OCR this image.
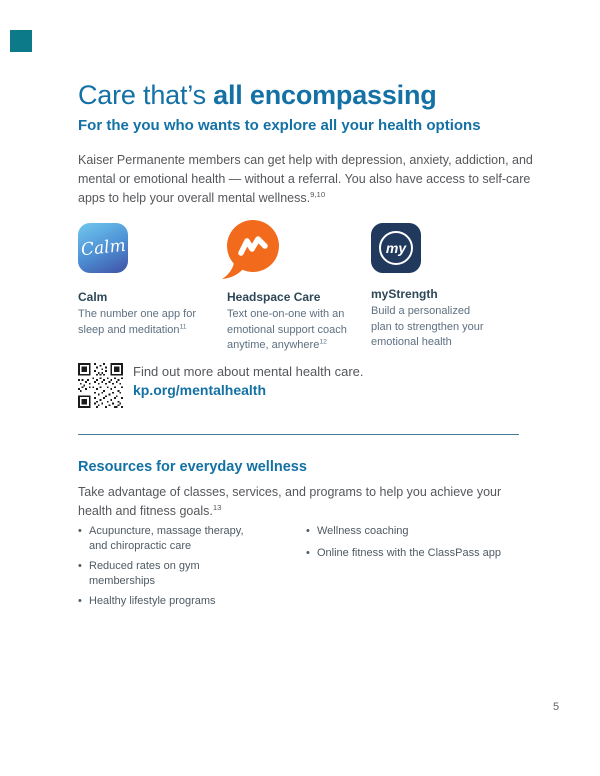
Care that’s all encompassing
For the you who wants to explore all your health options

Kaiser Permanente members can get help with depression, anxiety, addiction, and mental or emotional health — without a referral. You also have access to self-care apps to help your overall mental wellness.$^{9,10}$

Calm	my
Calm	Headspace Care	myStrength

The number one app for sleep and meditation$^{11}$

Text one-on-one with an emotional support coach anytime, anywhere$^{12}$

Build a personalized plan to strengthen your emotional health

Find out more about mental health care.
kp.org/mentalhealth
Resources for everyday wellness

Take advantage of classes, services, and programs to help you achieve your health and fitness goals.$^{13}$

• Acupuncture, massage therapy, and chiropractic care
• Reduced rates on gym memberships
• Healthy lifestyle programs
• Wellness coaching
• Online fitness with the ClassPass app
5
